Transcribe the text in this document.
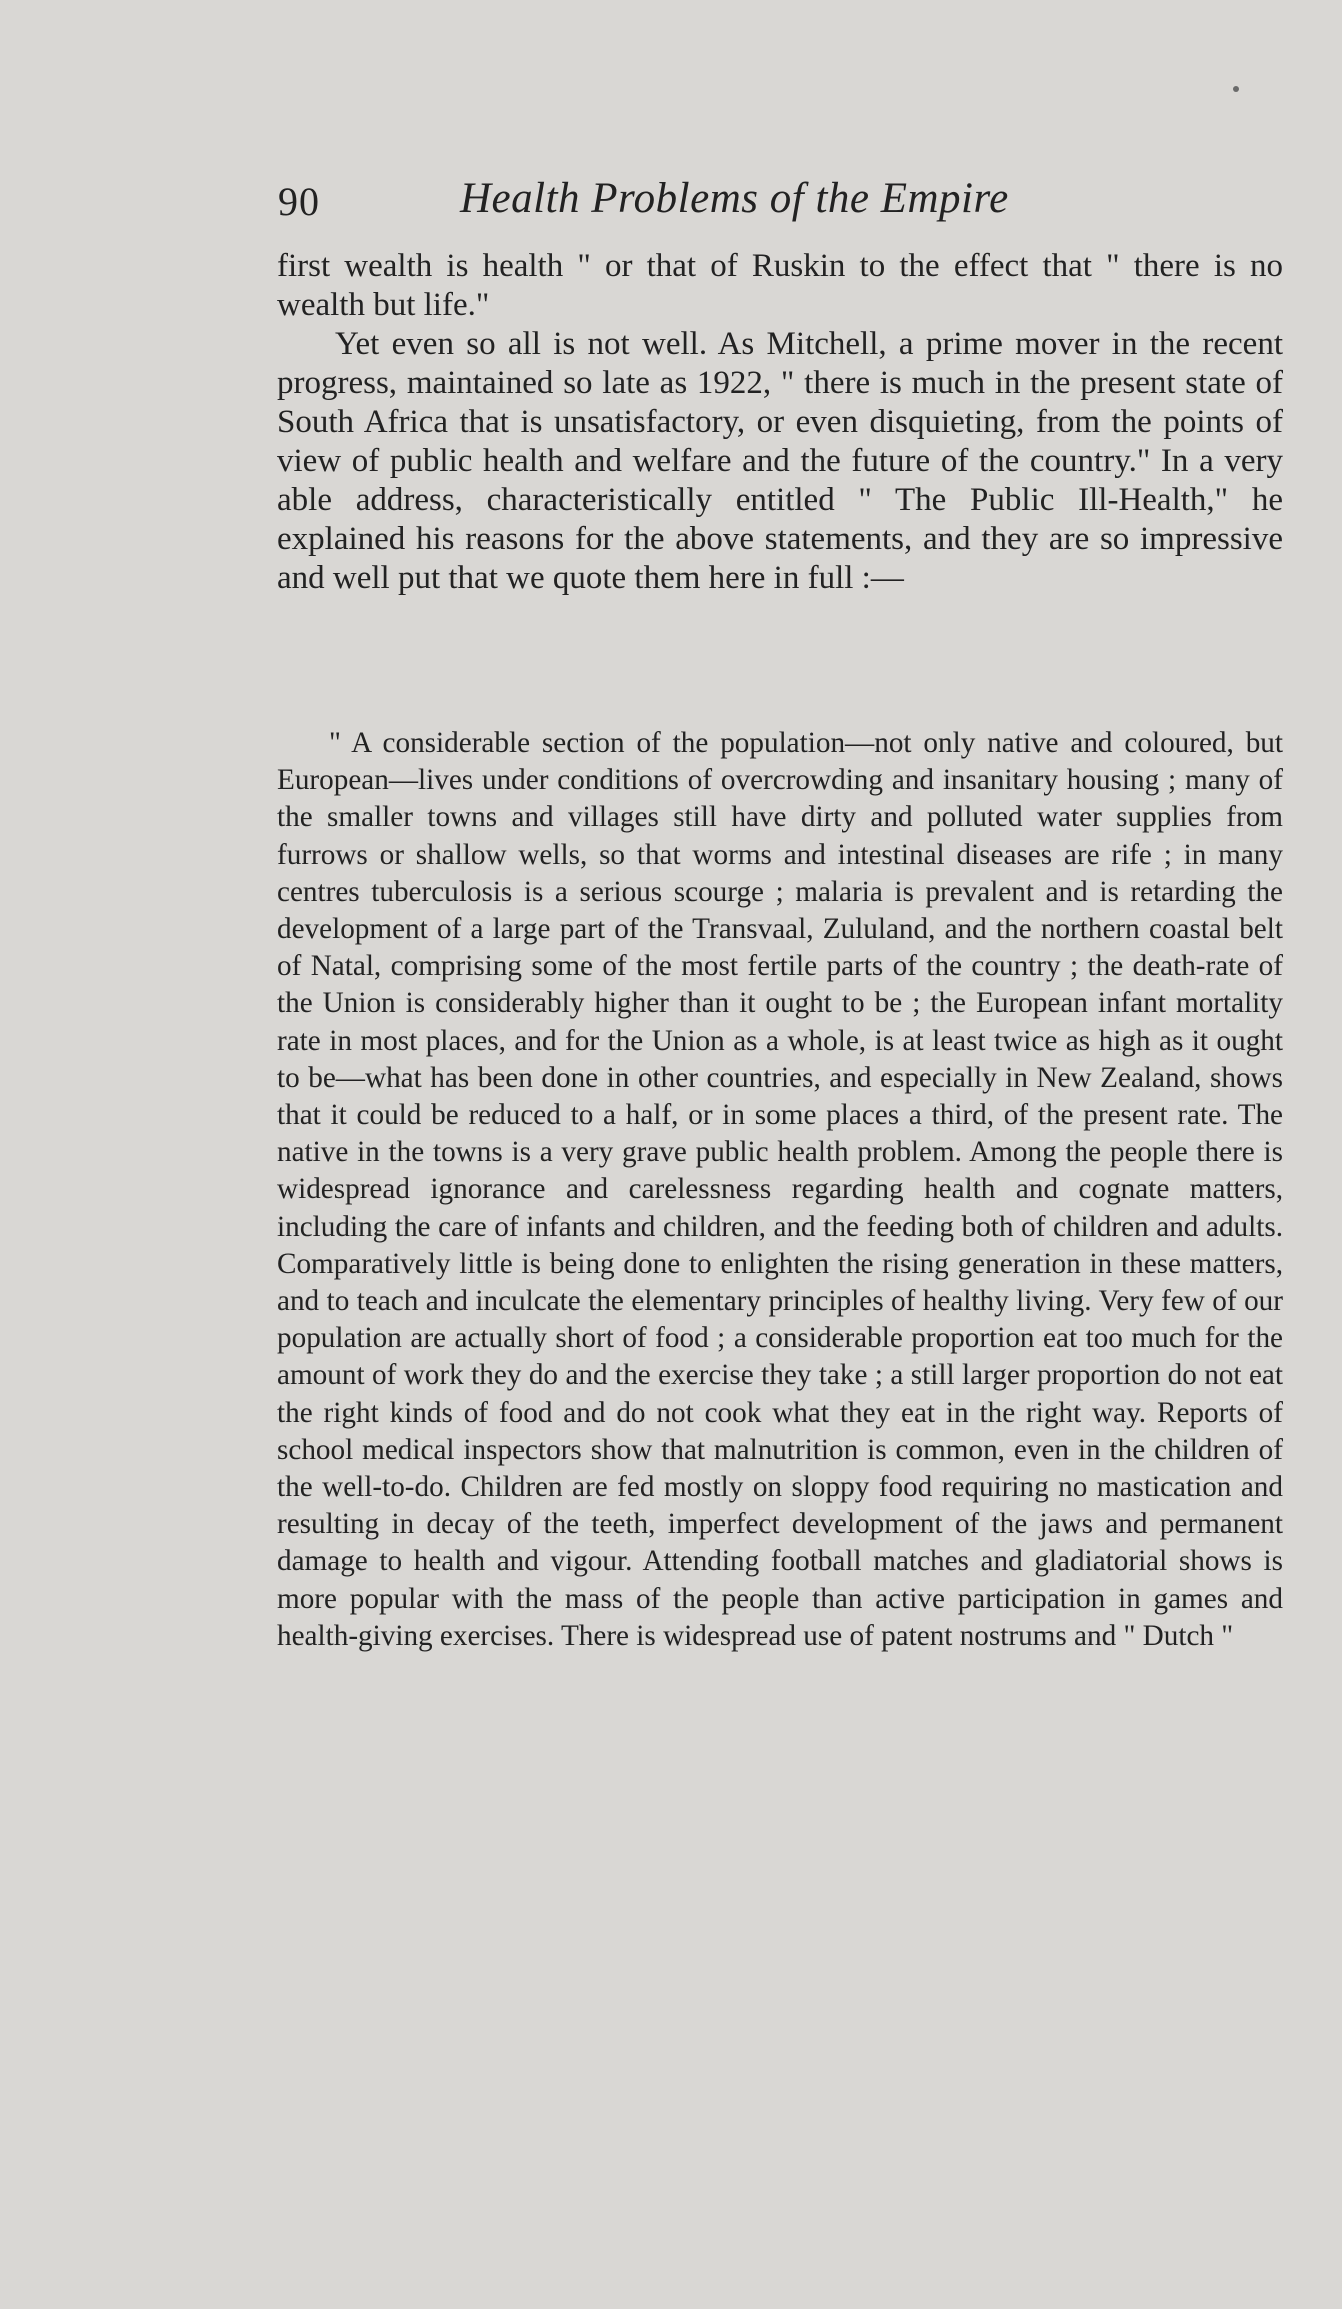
90	Health Problems of the Empire

first wealth is health " or that of Ruskin to the effect that " there is no wealth but life."

Yet even so all is not well. As Mitchell, a prime mover in the recent progress, maintained so late as 1922, " there is much in the present state of South Africa that is unsatisfactory, or even disquieting, from the points of view of public health and welfare and the future of the country." In a very able address, characteristically entitled " The Public Ill-Health," he explained his reasons for the above statements, and they are so impressive and well put that we quote them here in full :—

" A considerable section of the population—not only native and coloured, but European—lives under conditions of overcrowding and insanitary housing ; many of the smaller towns and villages still have dirty and polluted water supplies from furrows or shallow wells, so that worms and intestinal diseases are rife ; in many centres tuberculosis is a serious scourge ; malaria is prevalent and is retarding the development of a large part of the Transvaal, Zululand, and the northern coastal belt of Natal, comprising some of the most fertile parts of the country ; the death-rate of the Union is considerably higher than it ought to be ; the European infant mortality rate in most places, and for the Union as a whole, is at least twice as high as it ought to be—what has been done in other countries, and especially in New Zealand, shows that it could be reduced to a half, or in some places a third, of the present rate. The native in the towns is a very grave public health problem. Among the people there is widespread ignorance and carelessness regarding health and cognate matters, including the care of infants and children, and the feeding both of children and adults. Comparatively little is being done to enlighten the rising generation in these matters, and to teach and inculcate the elementary principles of healthy living. Very few of our population are actually short of food ; a considerable proportion eat too much for the amount of work they do and the exercise they take ; a still larger proportion do not eat the right kinds of food and do not cook what they eat in the right way. Reports of school medical inspectors show that malnutrition is common, even in the children of the well-to-do. Children are fed mostly on sloppy food requiring no mastication and resulting in decay of the teeth, imperfect development of the jaws and permanent damage to health and vigour. Attending football matches and gladiatorial shows is more popular with the mass of the people than active participation in games and health-giving exercises. There is widespread use of patent nostrums and " Dutch "
